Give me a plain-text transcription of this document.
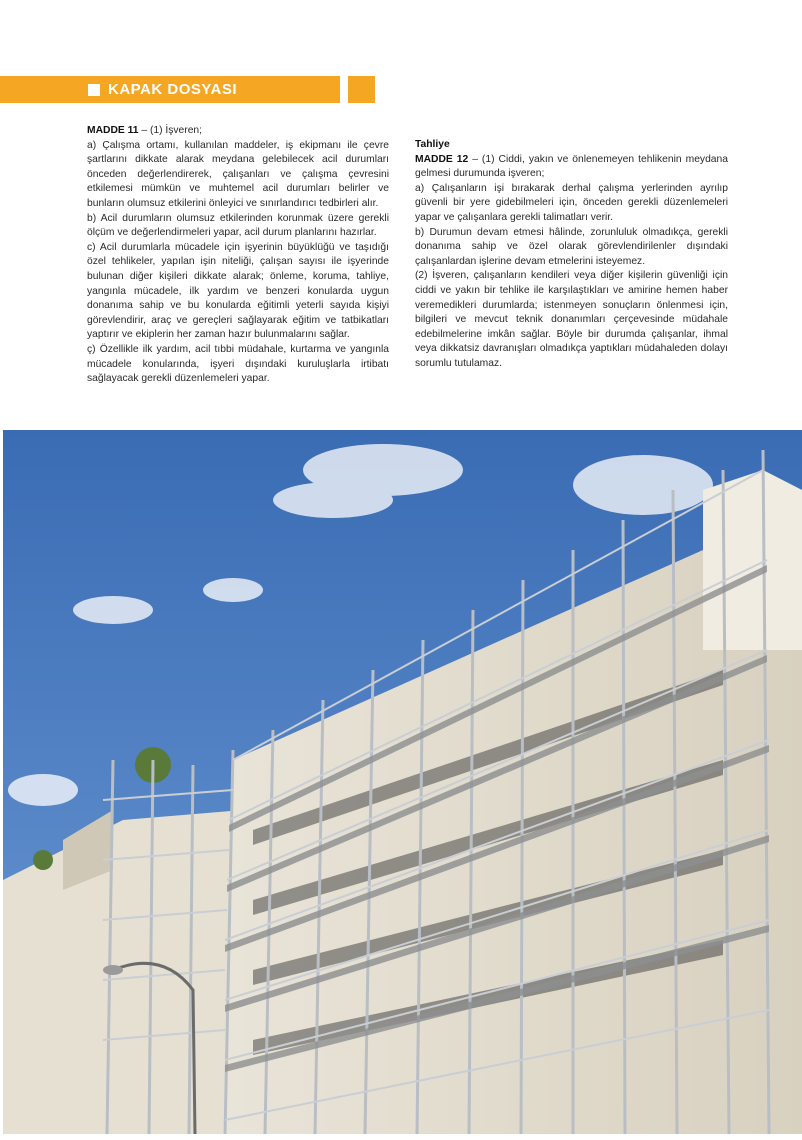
KAPAK DOSYASI

MADDE 11 – (1) İşveren;

a) Çalışma ortamı, kullanılan maddeler, iş ekipmanı ile çevre şartlarını dikkate alarak meydana gelebilecek acil durumları önceden değerlendirerek, çalışanları ve çalışma çevresini etkilemesi mümkün ve muhtemel acil durumları belirler ve bunların olumsuz etkilerini önleyici ve sınırlandırıcı tedbirleri alır.

b) Acil durumların olumsuz etkilerinden korunmak üzere gerekli ölçüm ve değerlendirmeleri yapar, acil durum planlarını hazırlar.

c) Acil durumlarla mücadele için işyerinin büyüklüğü ve taşıdığı özel tehlikeler, yapılan işin niteliği, çalışan sayısı ile işyerinde bulunan diğer kişileri dikkate alarak; önleme, koruma, tahliye, yangınla mücadele, ilk yardım ve benzeri konularda uygun donanıma sahip ve bu konularda eğitimli yeterli sayıda kişiyi görevlendirir, araç ve gereçleri sağlayarak eğitim ve tatbikatları yaptırır ve ekiplerin her zaman hazır bulunmalarını sağlar.

ç) Özellikle ilk yardım, acil tıbbi müdahale, kurtarma ve yangınla mücadele konularında, işyeri dışındaki kuruluşlarla irtibatı sağlayacak gerekli düzenlemeleri yapar.

Tahliye

MADDE 12 – (1) Ciddi, yakın ve önlenemeyen tehlikenin meydana gelmesi durumunda işveren;

a) Çalışanların işi bırakarak derhal çalışma yerlerinden ayrılıp güvenli bir yere gidebilmeleri için, önceden gerekli düzenlemeleri yapar ve çalışanlara gerekli talimatları verir.

b) Durumun devam etmesi hâlinde, zorunluluk olmadıkça, gerekli donanıma sahip ve özel olarak görevlendirilenler dışındaki çalışanlardan işlerine devam etmelerini isteyemez.

(2) İşveren, çalışanların kendileri veya diğer kişilerin güvenliği için ciddi ve yakın bir tehlike ile karşılaştıkları ve amirine hemen haber veremedikleri durumlarda; istenmeyen sonuçların önlenmesi için, bilgileri ve mevcut teknik donanımları çerçevesinde müdahale edebilmelerine imkân sağlar. Böyle bir durumda çalışanlar, ihmal veya dikkatsiz davranışları olmadıkça yaptıkları müdahaleden dolayı sorumlu tutulamaz.
